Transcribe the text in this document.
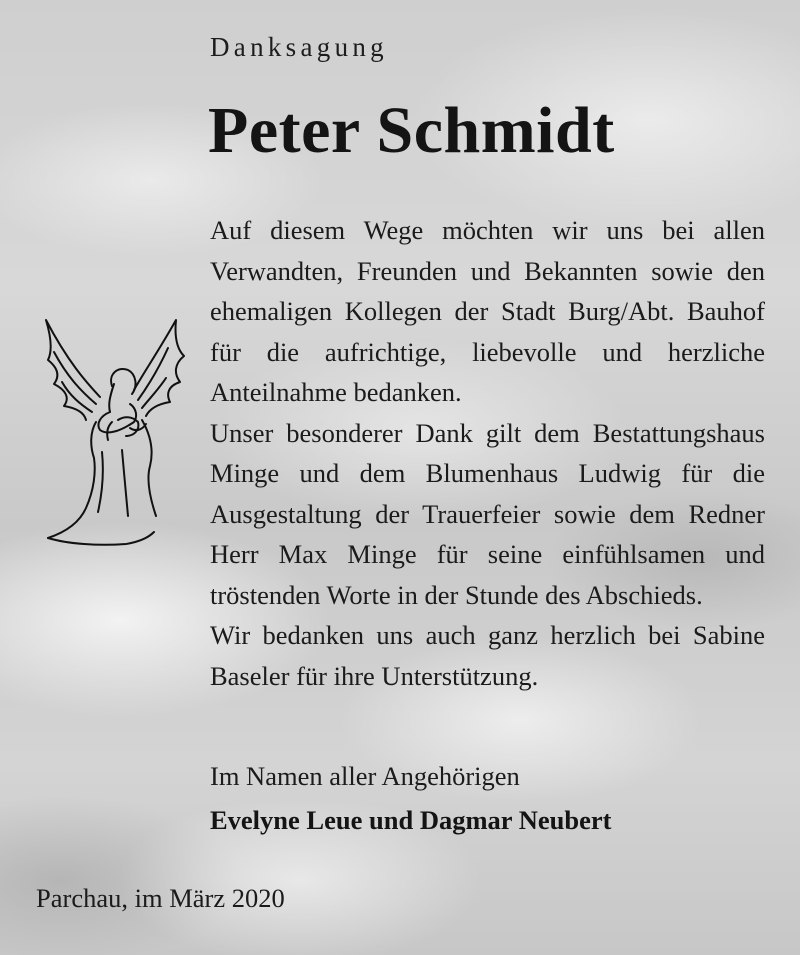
Danksagung
Peter Schmidt

Auf diesem Wege möchten wir uns bei allen Verwandten, Freunden und Bekannten sowie den ehemaligen Kollegen der Stadt Burg/Abt. Bauhof für die aufrichtige, liebevolle und herzliche Anteilnahme bedanken.

Unser besonderer Dank gilt dem Bestattungshaus Minge und dem Blumenhaus Ludwig für die Ausgestaltung der Trauerfeier sowie dem Redner Herr Max Minge für seine einfühlsamen und tröstenden Worte in der Stunde des Abschieds.

Wir bedanken uns auch ganz herzlich bei Sabine Baseler für ihre Unterstützung.

Im Namen aller Angehörigen
Evelyne Leue und Dagmar Neubert
Parchau, im März 2020
